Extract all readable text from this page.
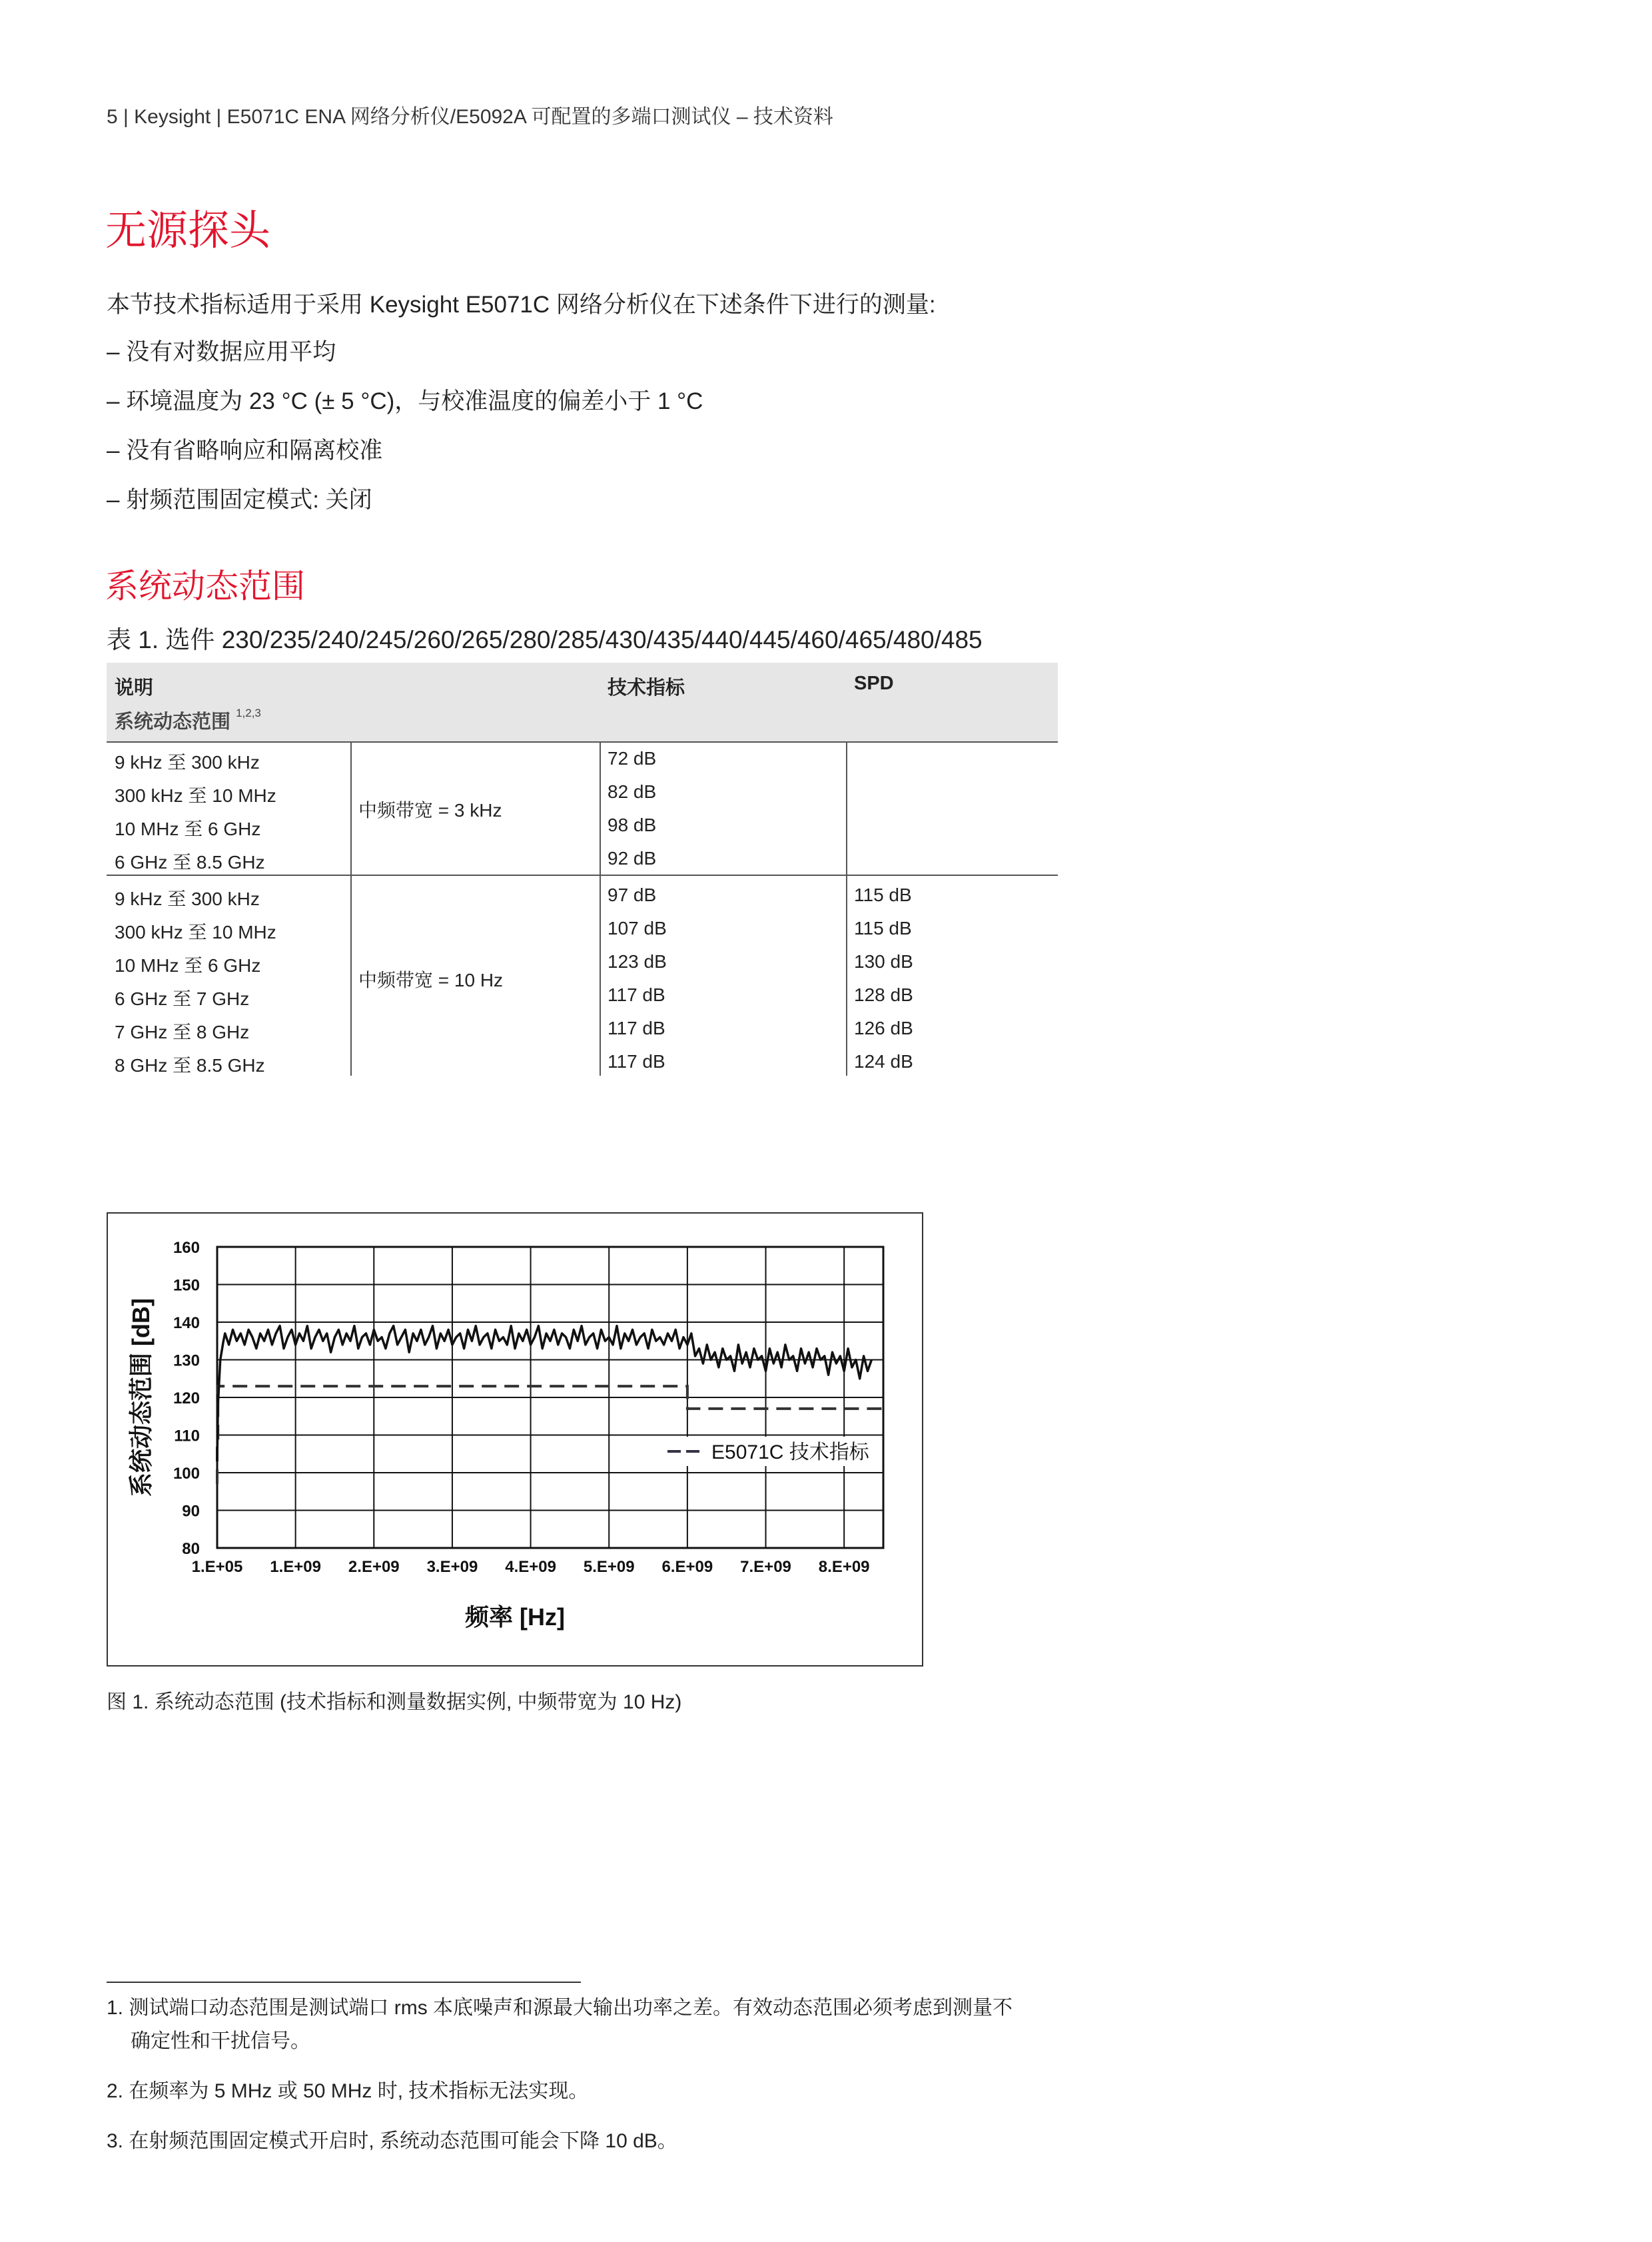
5 | Keysight | E5071C ENA 网络分析仪/E5092A 可配置的多端口测试仪 – 技术资料
无源探头
本节技术指标适用于采用 Keysight E5071C 网络分析仪在下述条件下进行的测量:
– 没有对数据应用平均
– 环境温度为 23 °C (± 5 °C)，与校准温度的偏差小于 1 °C
– 没有省略响应和隔离校准
– 射频范围固定模式: 关闭
系统动态范围
表 1. 选件 230/235/240/245/260/265/280/285/430/435/440/445/460/465/480/485
说明	技术指标	SPD
系统动态范围 $^{1,2,3}$
中频带宽 = 3 kHz
9 kHz 至 300 kHz	72 dB
300 kHz 至 10 MHz	82 dB
10 MHz 至 6 GHz	98 dB
6 GHz 至 8.5 GHz	92 dB
中频带宽 = 10 Hz
9 kHz 至 300 kHz	97 dB	115 dB
300 kHz 至 10 MHz	107 dB	115 dB
10 MHz 至 6 GHz	123 dB	130 dB
6 GHz 至 7 GHz	117 dB	128 dB
7 GHz 至 8 GHz	117 dB	126 dB
8 GHz 至 8.5 GHz	117 dB	124 dB
80
90
100
110
120
130
140
150
160
1.E+05 1.E+09 2.E+09 3.E+09 4.E+09 5.E+09 6.E+09 7.E+09 8.E+09
E5071C 技术指标
系统动态范围 [dB]
频率 [Hz]
图 1. 系统动态范围 (技术指标和测量数据实例, 中频带宽为 10 Hz)
1. 测试端口动态范围是测试端口 rms 本底噪声和源最大输出功率之差。有效动态范围必须考虑到测量不
确定性和干扰信号。
2. 在频率为 5 MHz 或 50 MHz 时, 技术指标无法实现。
3. 在射频范围固定模式开启时, 系统动态范围可能会下降 10 dB。
